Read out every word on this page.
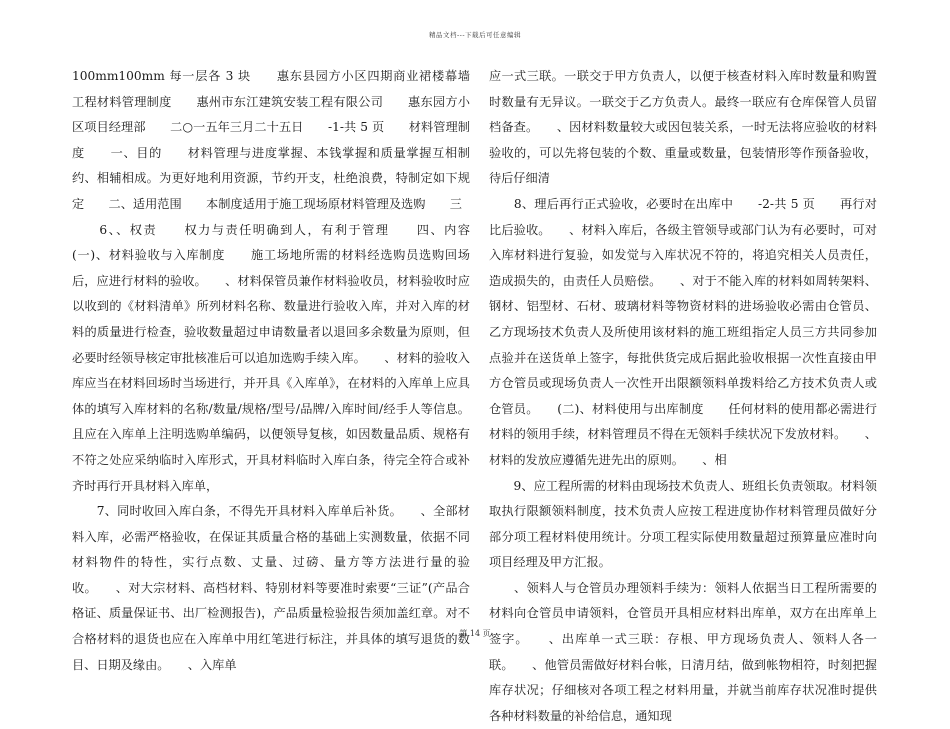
精品文档---下载后可任意编辑

100mm100mm 每一层各 3 块　　惠东县园方小区四期商业裙楼幕墙　　工程材料管理制度　　惠州市东江建筑安装工程有限公司　　惠东园方小区项目经理部　　二○一五年三月二十五日　　-1-共 5 页　　材料管理制度　　一、目的　　材料管理与进度掌握、本钱掌握和质量掌握互相制约、相辅相成。为更好地利用资源，节约开支，杜绝浪费，特制定如下规定　　二、适用范围　　本制度适用于施工现场原材料管理及选购　　三

　　6、、权责　　权力与责任明确到人，有利于管理　　四、内容　　(一)、材料验收与入库制度　　施工场地所需的材料经选购员选购回场后，应进行材料的验收。　　、材料保管员兼作材料验收员，材料验收时应以收到的《材料清单》所列材料名称、数量进行验收入库，并对入库的材料的质量进行检查，验收数量超过申请数量者以退回多余数量为原则，但必要时经领导核定审批核准后可以追加选购手续入库。　　、材料的验收入库应当在材料回场时当场进行，并开具《入库单》，在材料的入库单上应具体的填写入库材料的名称/数量/规格/型号/品牌/入库时间/经手人等信息。且应在入库单上注明选购单编码，以便领导复核，如因数量品质、规格有不符之处应采纳临时入库形式，开具材料临时入库白条，待完全符合或补齐时再行开具材料入库单，

　　7、同时收回入库白条，不得先开具材料入库单后补货。　　、全部材料入库，必需严格验收，在保证其质量合格的基础上实测数量，依据不同材料物件的特性，实行点数、丈量、过磅、量方等方法进行量的验收。　　、对大宗材料、高档材料、特别材料等要准时索要“三证”(产品合格证、质量保证书、出厂检测报告)，产品质量检验报告须加盖红章。对不合格材料的退货也应在入库单中用红笔进行标注，并具体的填写退货的数目、日期及缘由。　　、入库单

应一式三联。一联交于甲方负责人，以便于核查材料入库时数量和购置时数量有无异议。一联交于乙方负责人。最终一联应有仓库保管人员留档备查。　　、因材料数量较大或因包装关系，一时无法将应验收的材料验收的，可以先将包装的个数、重量或数量，包装情形等作预备验收，待后仔细清

　　8、理后再行正式验收，必要时在出库中　　-2-共 5 页　　再行对比后验收。　　、材料入库后，各级主管领导或部门认为有必要时，可对入库材料进行复验，如发觉与入库状况不符的，将追究相关人员责任，造成损失的，由责任人员赔偿。　　、对于不能入库的材料如周转架料、钢材、铝型材、石材、玻璃材料等物资材料的进场验收必需由仓管员、乙方现场技术负责人及所使用该材料的施工班组指定人员三方共同参加点验并在送货单上签字，每批供货完成后据此验收根据一次性直接由甲方仓管员或现场负责人一次性开出限额领料单拨料给乙方技术负责人或仓管员。　　(二)、材料使用与出库制度　　任何材料的使用都必需进行材料的领用手续，材料管理员不得在无领料手续状况下发放材料。　　、材料的发放应遵循先进先出的原则。　　、相

　　9、应工程所需的材料由现场技术负责人、班组长负责领取。材料领取执行限额领料制度，技术负责人应按工程进度协作材料管理员做好分部分项工程材料使用统计。分项工程实际使用数量超过预算量应准时向项目经理及甲方汇报。

　　、领料人与仓管员办理领料手续为：领料人依据当日工程所需要的材料向仓管员申请领料，仓管员开具相应材料出库单，双方在出库单上签字。　　、出库单一式三联：存根、甲方现场负责人、领料人各一联。　　、他管员需做好材料台帐，日清月结，做到帐物相符，时刻把握库存状况；仔细核对各项工程之材料用量，并就当前库存状况准时提供各种材料数量的补给信息，通知现

第 14 页
